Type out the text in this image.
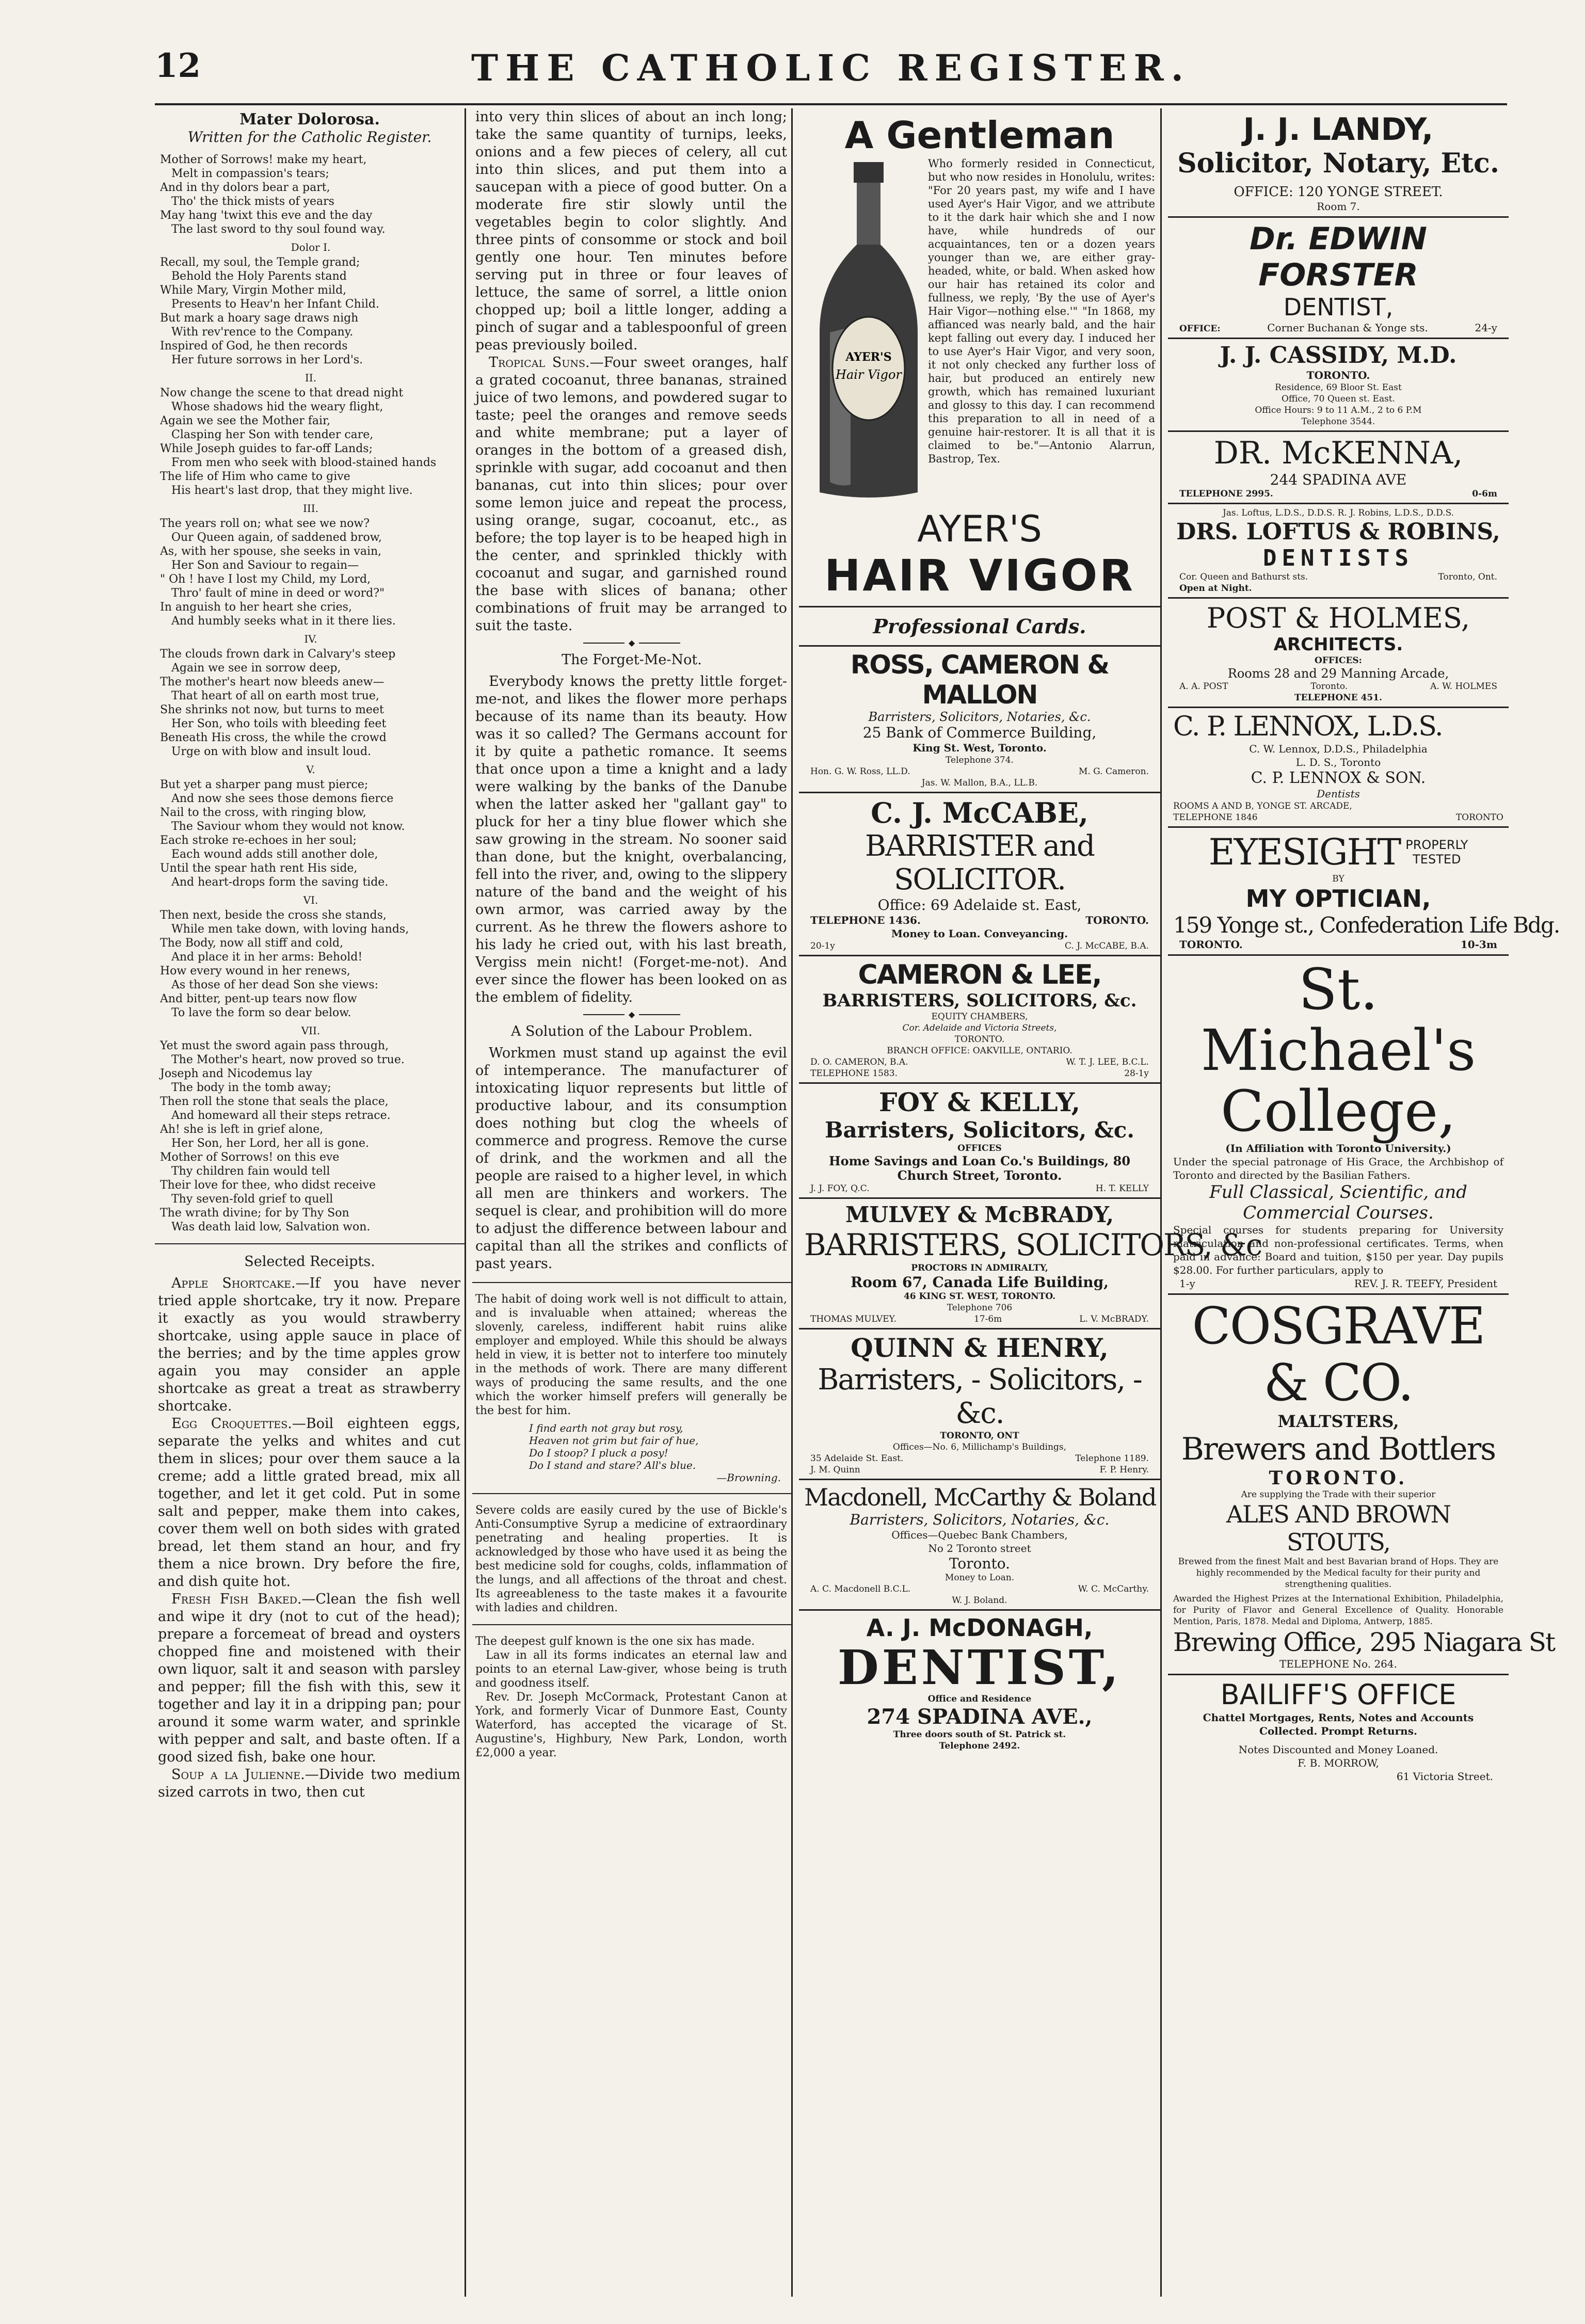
12	THE CATHOLIC REGISTER.
Mater Dolorosa.
Written for the Catholic Register.
Mother of Sorrows! make my heart,
Melt in compassion's tears;
And in thy dolors bear a part,
Tho' the thick mists of years
May hang 'twixt this eve and the day
The last sword to thy soul found way.
Dolor I.
Recall, my soul, the Temple grand;
Behold the Holy Parents stand
While Mary, Virgin Mother mild,
Presents to Heav'n her Infant Child.
But mark a hoary sage draws nigh
With rev'rence to the Company.
Inspired of God, he then records
Her future sorrows in her Lord's.
II.
Now change the scene to that dread night
Whose shadows hid the weary flight,
Again we see the Mother fair,
Clasping her Son with tender care,
While Joseph guides to far-off Lands;
From men who seek with blood-stained hands
The life of Him who came to give
His heart's last drop, that they might live.
III.
The years roll on; what see we now?
Our Queen again, of saddened brow,
As, with her spouse, she seeks in vain,
Her Son and Saviour to regain—
" Oh ! have I lost my Child, my Lord,
Thro' fault of mine in deed or word?"
In anguish to her heart she cries,
And humbly seeks what in it there lies.
IV.
The clouds frown dark in Calvary's steep
Again we see in sorrow deep,
The mother's heart now bleeds anew—
That heart of all on earth most true,
She shrinks not now, but turns to meet
Her Son, who toils with bleeding feet
Beneath His cross, the while the crowd
Urge on with blow and insult loud.
V.
But yet a sharper pang must pierce;
And now she sees those demons fierce
Nail to the cross, with ringing blow,
The Saviour whom they would not know.
Each stroke re-echoes in her soul;
Each wound adds still another dole,
Until the spear hath rent His side,
And heart-drops form the saving tide.
VI.
Then next, beside the cross she stands,
While men take down, with loving hands,
The Body, now all stiff and cold,
And place it in her arms: Behold!
How every wound in her renews,
As those of her dead Son she views:
And bitter, pent-up tears now flow
To lave the form so dear below.
VII.
Yet must the sword again pass through,
The Mother's heart, now proved so true.
Joseph and Nicodemus lay
The body in the tomb away;
Then roll the stone that seals the place,
And homeward all their steps retrace.
Ah! she is left in grief alone,
Her Son, her Lord, her all is gone.
Mother of Sorrows! on this eve
Thy children fain would tell
Their love for thee, who didst receive
Thy seven-fold grief to quell
The wrath divine; for by Thy Son
Was death laid low, Salvation won.
Selected Receipts.

Apple Shortcake.—If you have never tried apple shortcake, try it now. Prepare it exactly as you would strawberry shortcake, using apple sauce in place of the berries; and by the time apples grow again you may consider an apple shortcake as great a treat as strawberry shortcake.

Egg Croquettes.—Boil eighteen eggs, separate the yelks and whites and cut them in slices; pour over them sauce a la creme; add a little grated bread, mix all together, and let it get cold. Put in some salt and pepper, make them into cakes, cover them well on both sides with grated bread, let them stand an hour, and fry them a nice brown. Dry before the fire, and dish quite hot.

Fresh Fish Baked.—Clean the fish well and wipe it dry (not to cut of the head); prepare a forcemeat of bread and oysters chopped fine and moistened with their own liquor, salt it and season with parsley and pepper; fill the fish with this, sew it together and lay it in a dripping pan; pour around it some warm water, and sprinkle with pepper and salt, and baste often. If a good sized fish, bake one hour.

Soup a la Julienne.—Divide two medium sized carrots in two, then cut

into very thin slices of about an inch long; take the same quantity of turnips, leeks, onions and a few pieces of celery, all cut into thin slices, and put them into a saucepan with a piece of good butter. On a moderate fire stir slowly until the vegetables begin to color slightly. And three pints of consomme or stock and boil gently one hour. Ten minutes before serving put in three or four leaves of lettuce, the same of sorrel, a little onion chopped up; boil a little longer, adding a pinch of sugar and a tablespoonful of green peas previously boiled.

Tropical Suns.—Four sweet oranges, half a grated cocoanut, three bananas, strained juice of two lemons, and powdered sugar to taste; peel the oranges and remove seeds and white membrane; put a layer of oranges in the bottom of a greased dish, sprinkle with sugar, add cocoanut and then bananas, cut into thin slices; pour over some lemon juice and repeat the process, using orange, sugar, cocoanut, etc., as before; the top layer is to be heaped high in the center, and sprinkled thickly with cocoanut and sugar, and garnished round the base with slices of banana; other combinations of fruit may be arranged to suit the taste.

◆
The Forget-Me-Not.

Everybody knows the pretty little forget-me-not, and likes the flower more perhaps because of its name than its beauty. How was it so called? The Germans account for it by quite a pathetic romance. It seems that once upon a time a knight and a lady were walking by the banks of the Danube when the latter asked her "gallant gay" to pluck for her a tiny blue flower which she saw growing in the stream. No sooner said than done, but the knight, overbalancing, fell into the river, and, owing to the slippery nature of the band and the weight of his own armor, was carried away by the current. As he threw the flowers ashore to his lady he cried out, with his last breath, Vergiss mein nicht! (Forget-me-not). And ever since the flower has been looked on as the emblem of fidelity.

◆
A Solution of the Labour Problem.

Workmen must stand up against the evil of intemperance. The manufacturer of intoxicating liquor represents but little of productive labour, and its consumption does nothing but clog the wheels of commerce and progress. Remove the curse of drink, and the workmen and all the people are raised to a higher level, in which all men are thinkers and workers. The sequel is clear, and prohibition will do more to adjust the difference between labour and capital than all the strikes and conflicts of past years.

The habit of doing work well is not difficult to attain, and is invaluable when attained; whereas the slovenly, careless, indifferent habit ruins alike employer and employed. While this should be always held in view, it is better not to interfere too minutely in the methods of work. There are many different ways of producing the same results, and the one which the worker himself prefers will generally be the best for him.

I find earth not gray but rosy,
Heaven not grim but fair of hue,
Do I stoop? I pluck a posy!
Do I stand and stare? All's blue.
—Browning.

Severe colds are easily cured by the use of Bickle's Anti-Consumptive Syrup a medicine of extraordinary penetrating and healing properties. It is acknowledged by those who have used it as being the best medicine sold for coughs, colds, inflammation of the lungs, and all affections of the throat and chest. Its agreeableness to the taste makes it a favourite with ladies and children.

The deepest gulf known is the one six has made.

Law in all its forms indicates an eternal law and points to an eternal Law-giver, whose being is truth and goodness itself.

Rev. Dr. Joseph McCormack, Protestant Canon at York, and formerly Vicar of Dunmore East, County Waterford, has accepted the vicarage of St. Augustine's, Highbury, New Park, London, worth £2,000 a year.

A Gentleman
AYER'S
Hair Vigor
Who formerly resided in Connecticut, but who now resides in Honolulu, writes: "For 20 years past, my wife and I have used Ayer's Hair Vigor, and we attribute to it the dark hair which she and I now have, while hundreds of our acquaintances, ten or a dozen years younger than we, are either gray-headed, white, or bald. When asked how our hair has retained its color and fullness, we reply, 'By the use of Ayer's Hair Vigor—nothing else.'" "In 1868, my affianced was nearly bald, and the hair kept falling out every day. I induced her to use Ayer's Hair Vigor, and very soon, it not only checked any further loss of hair, but produced an entirely new growth, which has remained luxuriant and glossy to this day. I can recommend this preparation to all in need of a genuine hair-restorer. It is all that it is claimed to be."—Antonio Alarrun, Bastrop, Tex.
AYER'S
HAIR VIGOR
Professional Cards.
ROSS, CAMERON & MALLON
Barristers, Solicitors, Notaries, &c.
25 Bank of Commerce Building,
King St. West, Toronto.
Telephone 374.
Hon. G. W. Ross, LL.D.	M. G. Cameron.
Jas. W. Mallon, B.A., LL.B.
C. J. McCABE,
BARRISTER and SOLICITOR.
Office: 69 Adelaide st. East,
TELEPHONE 1436.	TORONTO.
Money to Loan. Conveyancing.
20-1y	C. J. McCABE, B.A.
CAMERON & LEE,
BARRISTERS, SOLICITORS, &c.
EQUITY CHAMBERS,
Cor. Adelaide and Victoria Streets,
TORONTO.
BRANCH OFFICE: OAKVILLE, ONTARIO.
D. O. CAMERON, B.A.	W. T. J. LEE, B.C.L.
TELEPHONE 1583.	28-1y
FOY & KELLY,
Barristers, Solicitors, &c.
OFFICES
Home Savings and Loan Co.'s Buildings, 80 Church Street, Toronto.
J. J. FOY, Q.C.	H. T. KELLY
MULVEY & McBRADY,
BARRISTERS, SOLICITORS, &c
PROCTORS IN ADMIRALTY,
Room 67, Canada Life Building,
46 KING ST. WEST, TORONTO.
Telephone 706
THOMAS MULVEY.	17-6m	L. V. McBRADY.
QUINN & HENRY,
Barristers, - Solicitors, - &c.
TORONTO, ONT
Offices—No. 6, Millichamp's Buildings,
35 Adelaide St. East.	Telephone 1189.
J. M. Quinn	F. P. Henry.
Macdonell, McCarthy & Boland
Barristers, Solicitors, Notaries, &c.
Offices—Quebec Bank Chambers,
No 2 Toronto street
Toronto.
Money to Loan.
A. C. Macdonell B.C.L.	W. C. McCarthy.
W. J. Boland.
A. J. McDONAGH,
DENTIST,
Office and Residence
274 SPADINA AVE.,
Three doors south of St. Patrick st.
Telephone 2492.
J. J. LANDY,
Solicitor, Notary, Etc.
OFFICE: 120 YONGE STREET.
Room 7.
Dr. EDWIN FORSTER
DENTIST,
OFFICE:	Corner Buchanan & Yonge sts.	24-y
J. J. CASSIDY, M.D.
TORONTO.
Residence, 69 Bloor St. East
Office, 70 Queen st. East.
Office Hours: 9 to 11 A.M., 2 to 6 P.M
Telephone 3544.
DR. McKENNA,
244 SPADINA AVE
TELEPHONE 2995.	0-6m
Jas. Loftus, L.D.S., D.D.S. R. J. Robins, L.D.S., D.D.S.
DRS. LOFTUS & ROBINS,
DENTISTS
Cor. Queen and Bathurst sts.	Toronto, Ont.
Open at Night.
POST & HOLMES,
ARCHITECTS.
OFFICES:
Rooms 28 and 29 Manning Arcade,
A. A. POST	Toronto.	A. W. HOLMES
TELEPHONE 451.
C. P. LENNOX, L.D.S.
C. W. Lennox, D.D.S., Philadelphia
L. D. S., Toronto
C. P. LENNOX & SON.
Dentists
ROOMS A AND B, YONGE ST. ARCADE,
TELEPHONE 1846	TORONTO
EYESIGHT PROPERLY
TESTED
BY
MY OPTICIAN,
159 Yonge st., Confederation Life Bdg.
TORONTO.	10-3m
St. Michael's
College,
(In Affiliation with Toronto University.)
Under the special patronage of His Grace, the Archbishop of Toronto and directed by the Basilian Fathers.
Full Classical, Scientific, and
Commercial Courses.
Special courses for students preparing for University matriculation and non-professional certificates. Terms, when paid in advance: Board and tuition, $150 per year. Day pupils $28.00. For further particulars, apply to
1-y	REV. J. R. TEEFY, President
COSGRAVE & CO.
MALTSTERS,
Brewers and Bottlers
TORONTO.
Are supplying the Trade with their superior
ALES AND BROWN STOUTS,
Brewed from the finest Malt and best Bavarian brand of Hops. They are highly recommended by the Medical faculty for their purity and strengthening qualities.
Awarded the Highest Prizes at the International Exhibition, Philadelphia, for Purity of Flavor and General Excellence of Quality. Honorable Mention, Paris, 1878. Medal and Diploma, Antwerp, 1885.
Brewing Office, 295 Niagara St
TELEPHONE No. 264.
BAILIFF'S OFFICE
Chattel Mortgages, Rents, Notes and Accounts Collected. Prompt Returns.
Notes Discounted and Money Loaned.
F. B. MORROW,
61 Victoria Street.
